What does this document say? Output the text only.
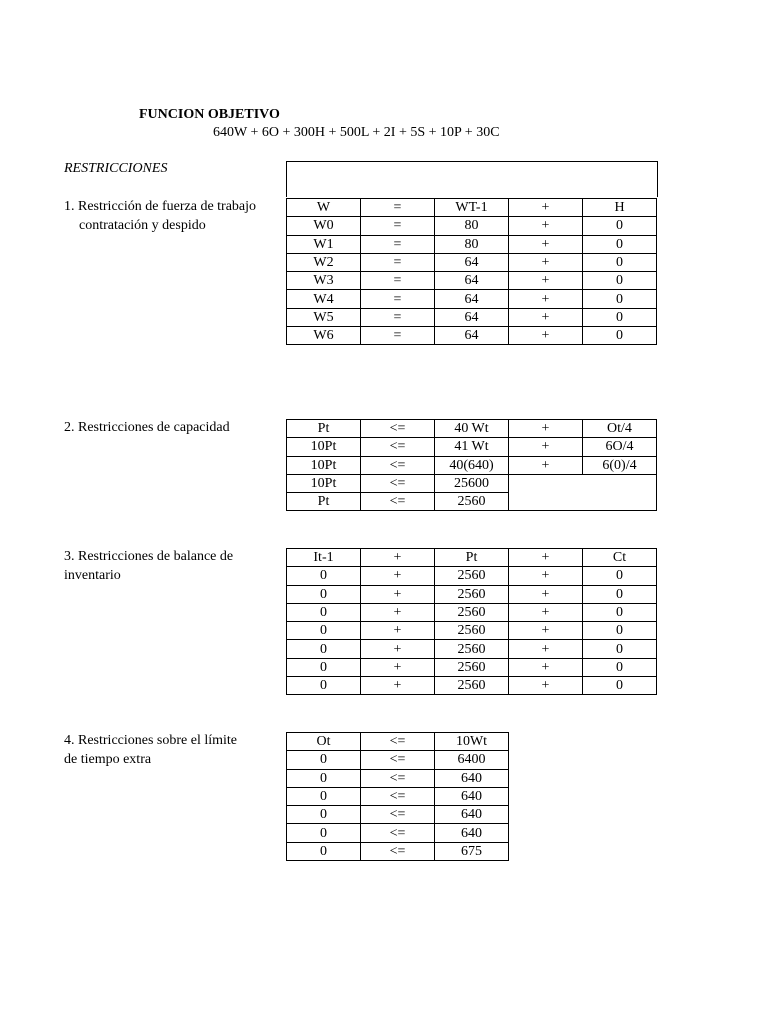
FUNCION OBJETIVO
640W + 6O + 300H + 500L + 2I + 5S + 10P + 30C
RESTRICCIONES
1. Restricción de fuerza de trabajo
contratación y despido
W	=	WT-1	+	H
W0	=	80	+	0
W1	=	80	+	0
W2	=	64	+	0
W3	=	64	+	0
W4	=	64	+	0
W5	=	64	+	0
W6	=	64	+	0
2. Restricciones de capacidad	Pt	<=	40 Wt	+	Ot/4
10Pt	<=	41 Wt	+	6O/4
10Pt	<=	40(640)	+	6(0)/4
10Pt	<=	25600		
Pt	<=	2560		
3. Restricciones de balance de
inventario
It-1	+	Pt	+	Ct
0	+	2560	+	0
0	+	2560	+	0
0	+	2560	+	0
0	+	2560	+	0
0	+	2560	+	0
0	+	2560	+	0
0	+	2560	+	0
4. Restricciones sobre el límite
de tiempo extra
Ot	<=	10Wt
0	<=	6400
0	<=	640
0	<=	640
0	<=	640
0	<=	640
0	<=	675
